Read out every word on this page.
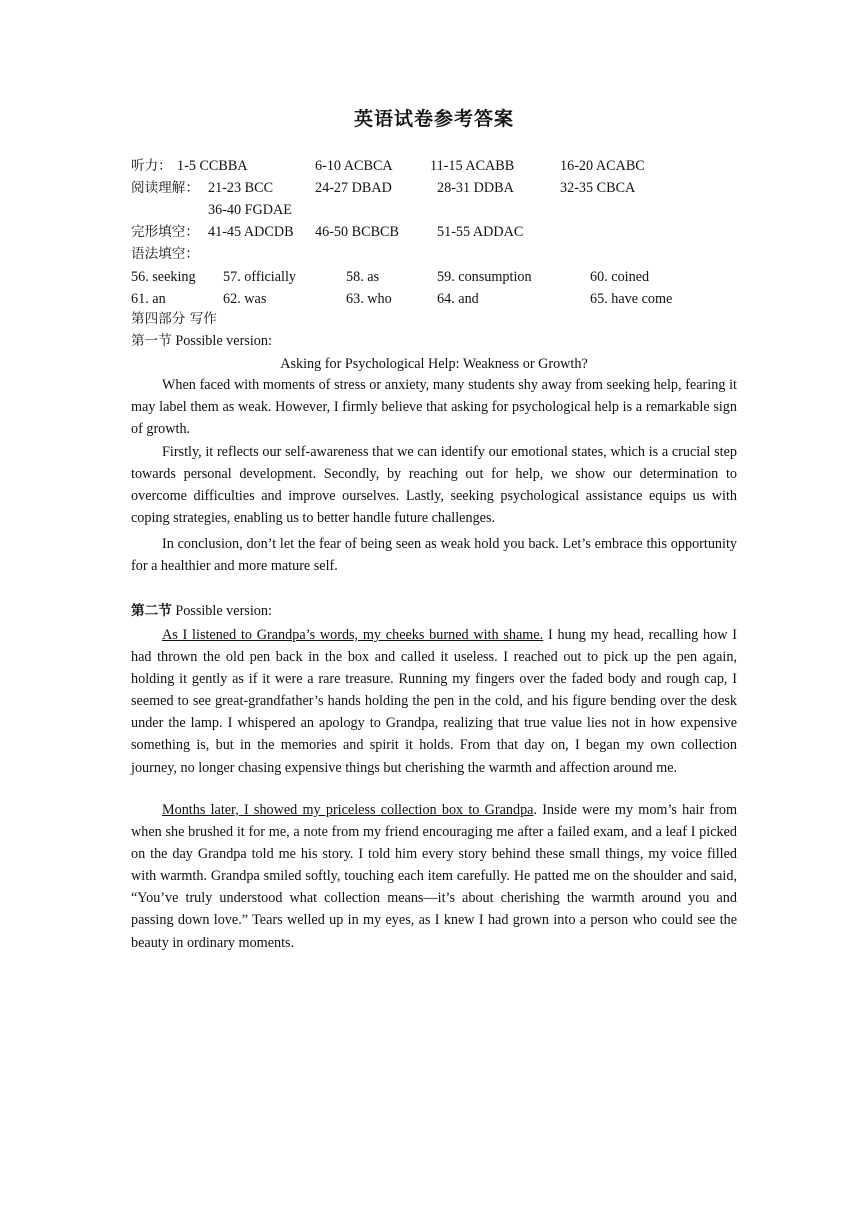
英语试卷参考答案
听力： 1-5 CCBBA	6-10 ACBCA	11-15 ACABB	16-20 ACABC
阅读理解： 21-23 BCC	24-27 DBAD	28-31 DDBA	32-35 CBCA
36-40 FGDAE
完形填空： 41-45 ADCDB 46-50 BCBCB	51-55 ADDAC
语法填空：
56. seeking 57. officially	58. as	59. consumption	60. coined
61. an	62. was	63. who	64. and	65. have come
第四部分 写作
第一节 Possible version:
Asking for Psychological Help: Weakness or Growth?

When faced with moments of stress or anxiety, many students shy away from seeking help, fearing it may label them as weak. However, I firmly believe that asking for psychological help is a remarkable sign of growth.

Firstly, it reflects our self-awareness that we can identify our emotional states, which is a crucial step towards personal development. Secondly, by reaching out for help, we show our determination to overcome difficulties and improve ourselves. Lastly, seeking psychological assistance equips us with coping strategies, enabling us to better handle future challenges.

In conclusion, don’t let the fear of being seen as weak hold you back. Let’s embrace this opportunity for a healthier and more mature self.

第二节 Possible version:

As I listened to Grandpa’s words, my cheeks burned with shame. I hung my head, recalling how I had thrown the old pen back in the box and called it useless. I reached out to pick up the pen again, holding it gently as if it were a rare treasure. Running my fingers over the faded body and rough cap, I seemed to see great-grandfather’s hands holding the pen in the cold, and his figure bending over the desk under the lamp. I whispered an apology to Grandpa, realizing that true value lies not in how expensive something is, but in the memories and spirit it holds. From that day on, I began my own collection journey, no longer chasing expensive things but cherishing the warmth and affection around me.

Months later, I showed my priceless collection box to Grandpa. Inside were my mom’s hair from when she brushed it for me, a note from my friend encouraging me after a failed exam, and a leaf I picked on the day Grandpa told me his story. I told him every story behind these small things, my voice filled with warmth. Grandpa smiled softly, touching each item carefully. He patted me on the shoulder and said, “You’ve truly understood what collection means—it’s about cherishing the warmth around you and passing down love.” Tears welled up in my eyes, as I knew I had grown into a person who could see the beauty in ordinary moments.
